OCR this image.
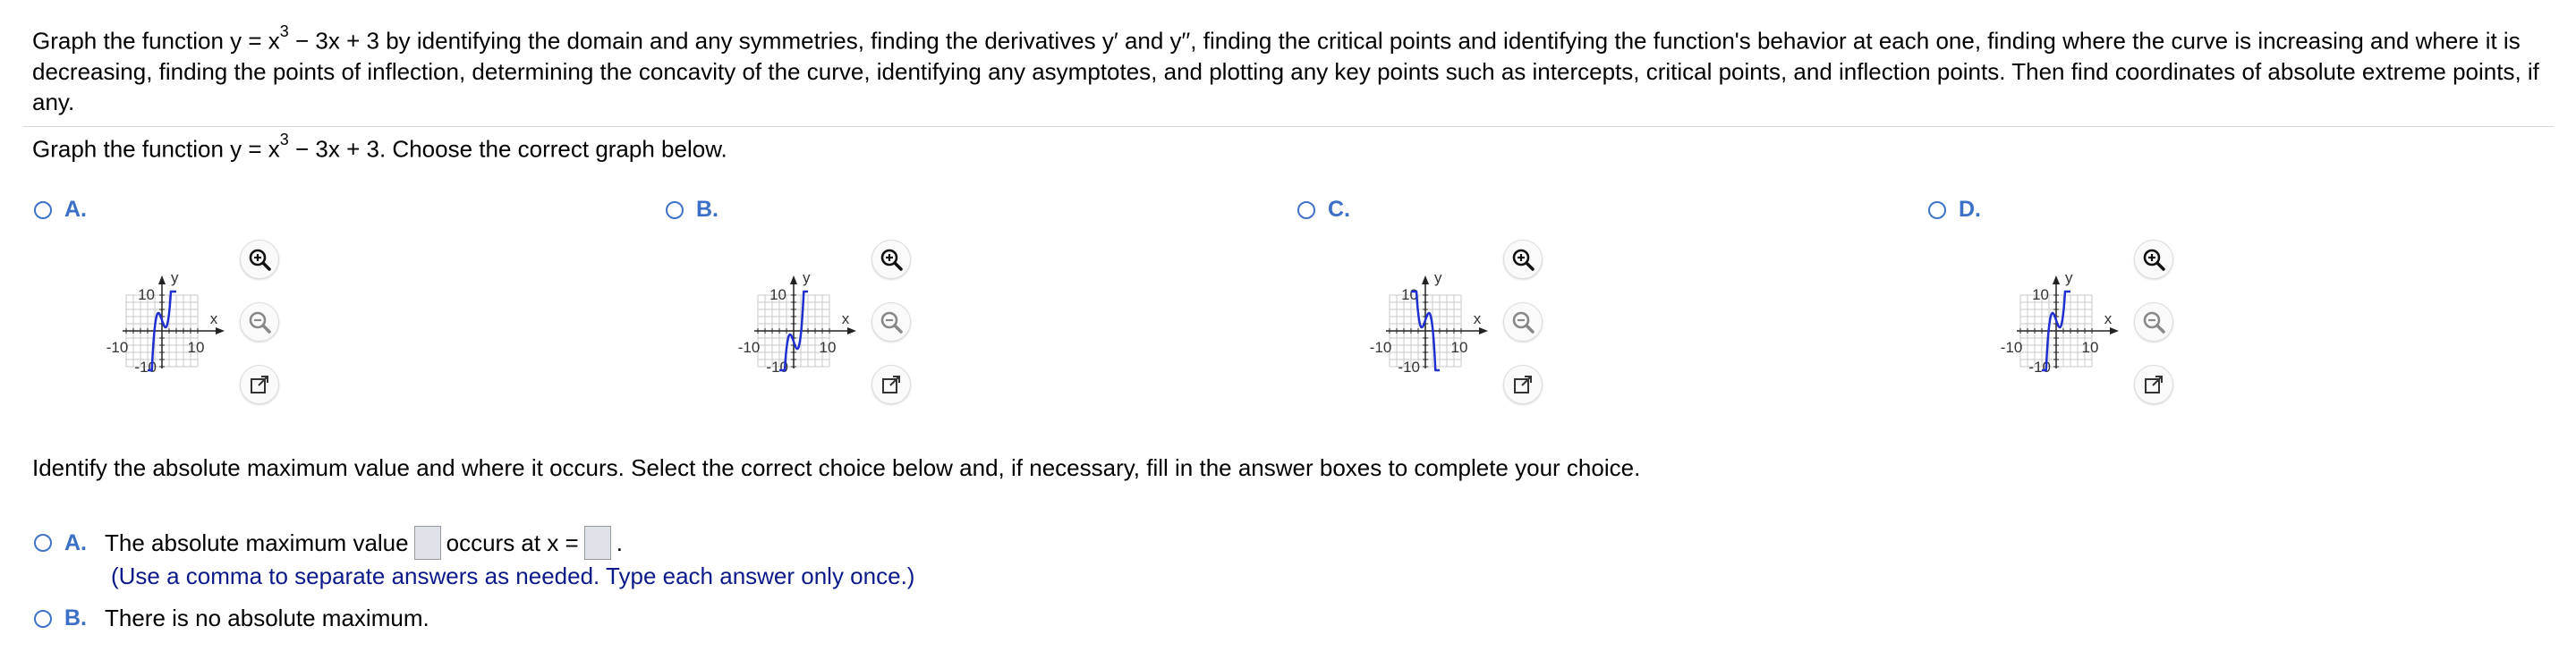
Graph the function $y = x^3 - 3x + 3$ by identifying the domain and any symmetries, finding the derivatives y′ and y′′, finding the critical points and identifying the function's behavior at each one, finding where the curve is increasing and where it is decreasing, finding the points of inflection, determining the concavity of the curve, identifying any asymptotes, and plotting any key points such as intercepts, critical points, and inflection points. Then find coordinates of absolute extreme points, if any.
Graph the function $y = x^3 - 3x + 3$. Choose the correct graph below.
A.
y
x
10
-10
-10	10
B.
y
x
10
-10
-10	10
C.
y
x
10
-10
-10	10
D.
y
x
10
-10
-10	10
Identify the absolute maximum value and where it occurs. Select the correct choice below and, if necessary, fill in the answer boxes to complete your choice.
A. The absolute maximum value occurs at x = .
(Use a comma to separate answers as needed. Type each answer only once.)
B. There is no absolute maximum.
